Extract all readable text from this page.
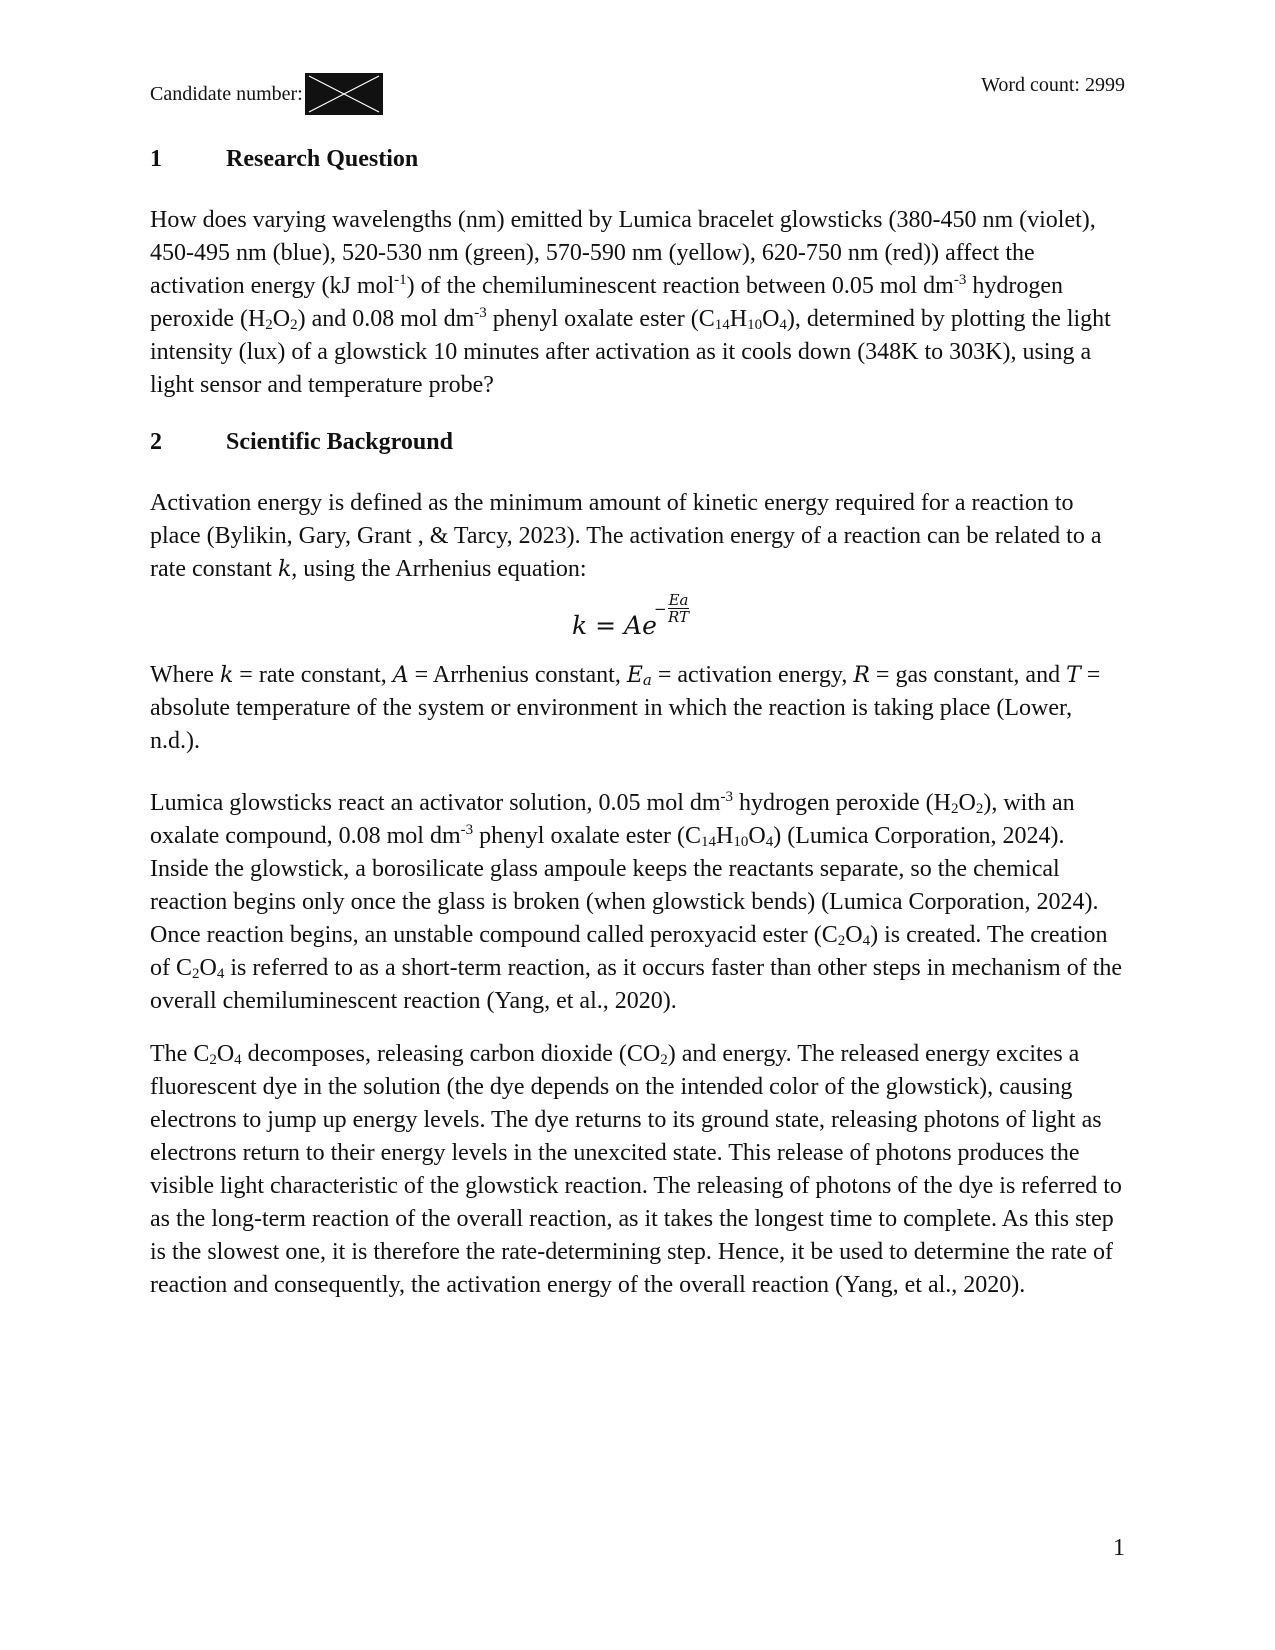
Candidate number:	Word count: 2999
1	Research Question

How does varying wavelengths (nm) emitted by Lumica bracelet glowsticks (380-450 nm (violet), 450-495 nm (blue), 520-530 nm (green), 570-590 nm (yellow), 620-750 nm (red)) affect the activation energy (kJ mol$^{-1}$) of the chemiluminescent reaction between 0.05 mol $dm^{-3}$ hydrogen peroxide $(H_2O_2)$ and 0.08 mol $dm^{-3}$ phenyl oxalate ester $(C_{14}H_{10}O_4)$, determined by plotting the light intensity (lux) of a glowstick 10 minutes after activation as it cools down (348K to 303K), using a light sensor and temperature probe?

2	Scientific Background

Activation energy is defined as the minimum amount of kinetic energy required for a reaction to place (Bylikin, Gary, Grant , & Tarcy, 2023). The activation energy of a reaction can be related to a rate constant k, using the Arrhenius equation:

k = Ae
− $\frac{Ea}{RT}$

Where k = rate constant, A = Arrhenius constant, $E_a$ = activation energy, R = gas constant, and T = absolute temperature of the system or environment in which the reaction is taking place (Lower, n.d.).

Lumica glowsticks react an activator solution, 0.05 mol $dm^{-3}$ hydrogen peroxide $(H_2O_2)$, with an oxalate compound, 0.08 mol $dm^{-3}$ phenyl oxalate ester $(C_{14}H_{10}O_4)$ (Lumica Corporation, 2024). Inside the glowstick, a borosilicate glass ampoule keeps the reactants separate, so the chemical reaction begins only once the glass is broken (when glowstick bends) (Lumica Corporation, 2024). Once reaction begins, an unstable compound called peroxyacid ester $(C_2O_4)$ is created. The creation of $C_2O_4$ is referred to as a short-term reaction, as it occurs faster than other steps in mechanism of the overall chemiluminescent reaction (Yang, et al., 2020).

The $C_2O_4$ decomposes, releasing carbon dioxide $(CO_2)$ and energy. The released energy excites a fluorescent dye in the solution (the dye depends on the intended color of the glowstick), causing electrons to jump up energy levels. The dye returns to its ground state, releasing photons of light as electrons return to their energy levels in the unexcited state. This release of photons produces the visible light characteristic of the glowstick reaction. The releasing of photons of the dye is referred to as the long-term reaction of the overall reaction, as it takes the longest time to complete. As this step is the slowest one, it is therefore the rate-determining step. Hence, it be used to determine the rate of reaction and consequently, the activation energy of the overall reaction (Yang, et al., 2020).

1
